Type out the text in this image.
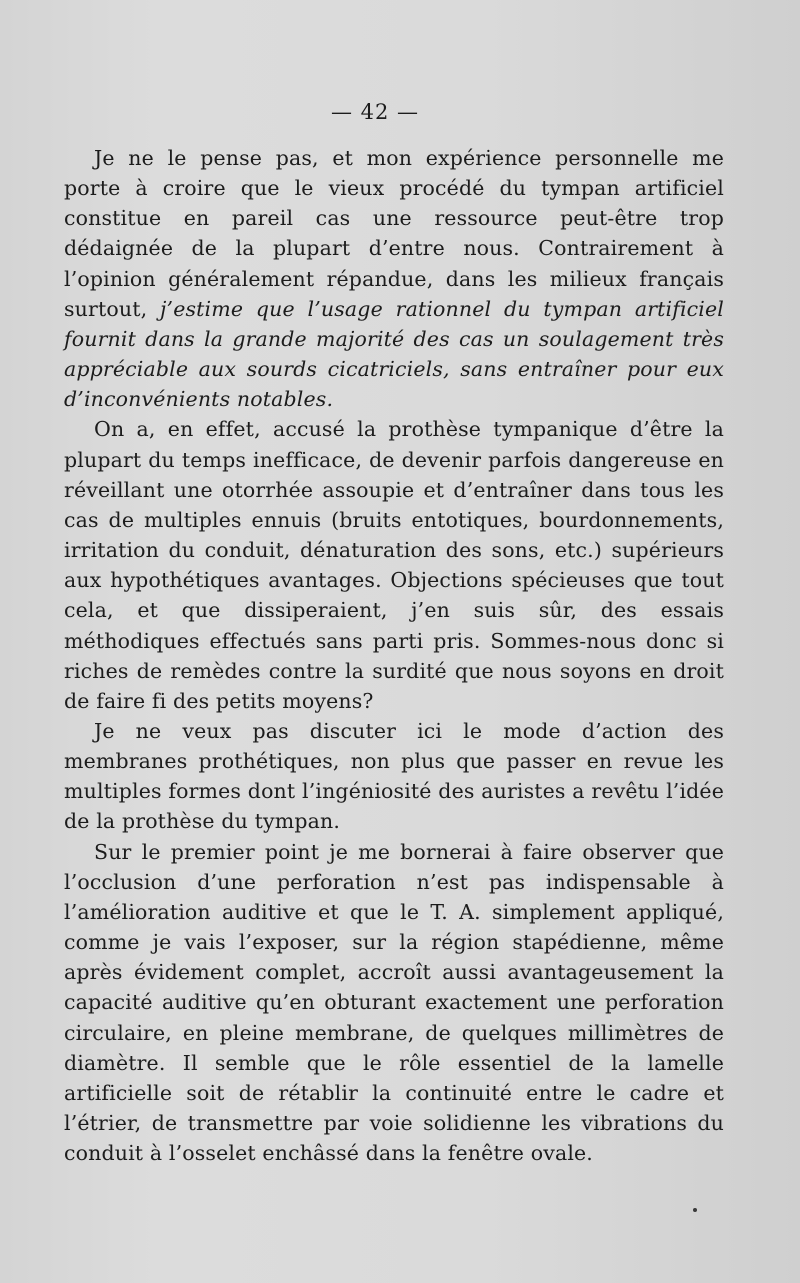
— 42 —

Je ne le pense pas, et mon expérience personnelle me porte à croire que le vieux procédé du tympan artificiel constitue en pareil cas une ressource peut-être trop dédaignée de la plupart d’entre nous. Contrairement à l’opinion généralement répandue, dans les milieux français surtout, j’estime que l’usage rationnel du tympan artificiel fournit dans la grande majorité des cas un soulagement très appréciable aux sourds cicatriciels, sans entraîner pour eux d’inconvénients notables.

On a, en effet, accusé la prothèse tympanique d’être la plupart du temps inefficace, de devenir parfois dangereuse en réveillant une otorrhée assoupie et d’entraîner dans tous les cas de multiples ennuis (bruits entotiques, bourdonnements, irritation du conduit, dénaturation des sons, etc.) supérieurs aux hypothétiques avantages. Objections spécieuses que tout cela, et que dissiperaient, j’en suis sûr, des essais méthodiques effectués sans parti pris. Sommes-nous donc si riches de remèdes contre la surdité que nous soyons en droit de faire fi des petits moyens?

Je ne veux pas discuter ici le mode d’action des membranes prothétiques, non plus que passer en revue les multiples formes dont l’ingéniosité des auristes a revêtu l’idée de la prothèse du tympan.

Sur le premier point je me bornerai à faire observer que l’occlusion d’une perforation n’est pas indispensable à l’amélioration auditive et que le T. A. simplement appliqué, comme je vais l’exposer, sur la région stapédienne, même après évidement complet, accroît aussi avantageusement la capacité auditive qu’en obturant exactement une perforation circulaire, en pleine membrane, de quelques millimètres de diamètre. Il semble que le rôle essentiel de la lamelle artificielle soit de rétablir la continuité entre le cadre et l’étrier, de transmettre par voie solidienne les vibrations du conduit à l’osselet enchâssé dans la fenêtre ovale.
